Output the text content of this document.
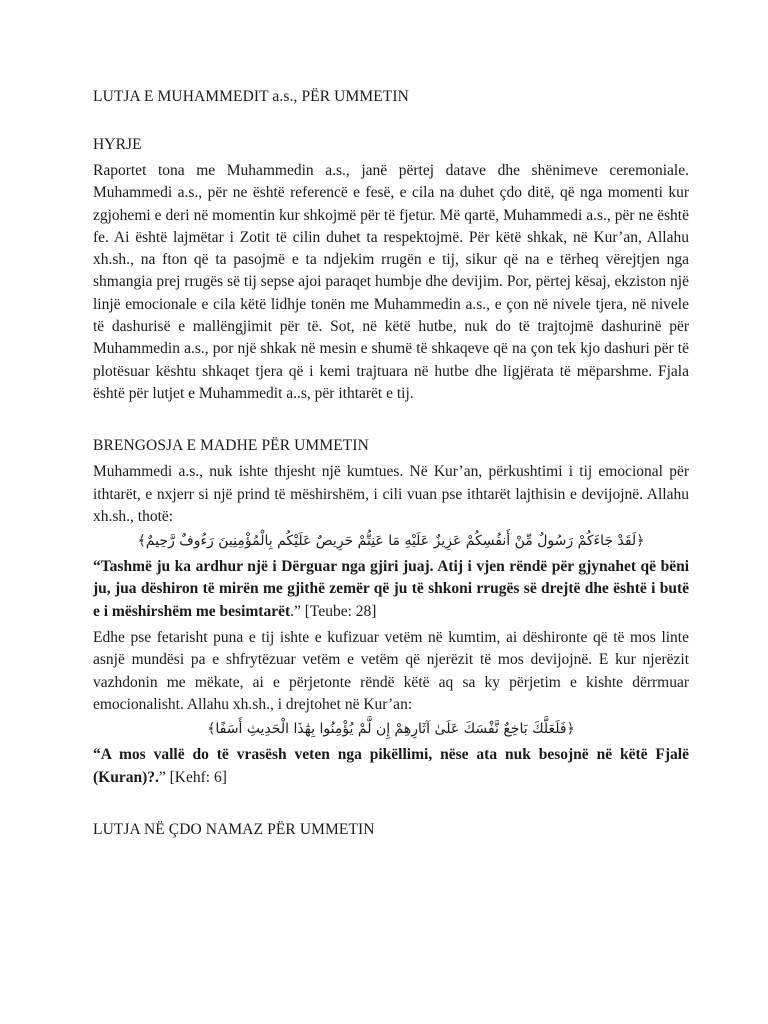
LUTJA E MUHAMMEDIT a.s., PËR UMMETIN
HYRJE

Raportet tona me Muhammedin a.s., janë përtej datave dhe shënimeve ceremoniale. Muhammedi a.s., për ne është referencë e fesë, e cila na duhet çdo ditë, që nga momenti kur zgjohemi e deri në momentin kur shkojmë për të fjetur. Më qartë, Muhammedi a.s., për ne është fe. Ai është lajmëtar i Zotit të cilin duhet ta respektojmë. Për këtë shkak, në Kur’an, Allahu xh.sh., na fton që ta pasojmë e ta ndjekim rrugën e tij, sikur që na e tërheq vërejtjen nga shmangia prej rrugës së tij sepse ajoi paraqet humbje dhe devijim. Por, përtej kësaj, ekziston një linjë emocionale e cila këtë lidhje tonën me Muhammedin a.s., e çon në nivele tjera, në nivele të dashurisë e mallëngjimit për të. Sot, në këtë hutbe, nuk do të trajtojmë dashurinë për Muhammedin a.s., por një shkak në mesin e shumë të shkaqeve që na çon tek kjo dashuri për të plotësuar kështu shkaqet tjera që i kemi trajtuara në hutbe dhe ligjërata të mëparshme. Fjala është për lutjet e Muhammedit a..s, për ithtarët e tij.

BRENGOSJA E MADHE PËR UMMETIN

Muhammedi a.s., nuk ishte thjesht një kumtues. Në Kur’an, përkushtimi i tij emocional për ithtarët, e nxjerr si një prind të mëshirshëm, i cili vuan pse ithtarët lajthisin e devijojnë. Allahu xh.sh., thotë:

﴿لَقَدْ جَاءَكُمْ رَسُولٌ مِّنْ أَنفُسِكُمْ عَزِيزٌ عَلَيْهِ مَا عَنِتُّمْ حَرِيصٌ عَلَيْكُم بِالْمُؤْمِنِينَ رَءُوفٌ رَّحِيمٌ﴾

“Tashmë ju ka ardhur një i Dërguar nga gjiri juaj. Atij i vjen rëndë për gjynahet që bëni ju, jua dëshiron të mirën me gjithë zemër që ju të shkoni rrugës së drejtë dhe është i butë e i mëshirshëm me besimtarët.” [Teube: 28]

Edhe pse fetarisht puna e tij ishte e kufizuar vetëm në kumtim, ai dëshironte që të mos linte asnjë mundësi pa e shfrytëzuar vetëm e vetëm që njerëzit të mos devijojnë. E kur njerëzit vazhdonin me mëkate, ai e përjetonte rëndë këtë aq sa ky përjetim e kishte dërrmuar emocionalisht. Allahu xh.sh., i drejtohet në Kur’an:

﴿فَلَعَلَّكَ بَاخِعٌ نَّفْسَكَ عَلَىٰ آثَارِهِمْ إِن لَّمْ يُؤْمِنُوا بِهَٰذَا الْحَدِيثِ أَسَفًا﴾

“A mos vallë do të vrasësh veten nga pikëllimi, nëse ata nuk besojnë në këtë Fjalë (Kuran)?.” [Kehf: 6]

LUTJA NË ÇDO NAMAZ PËR UMMETIN
